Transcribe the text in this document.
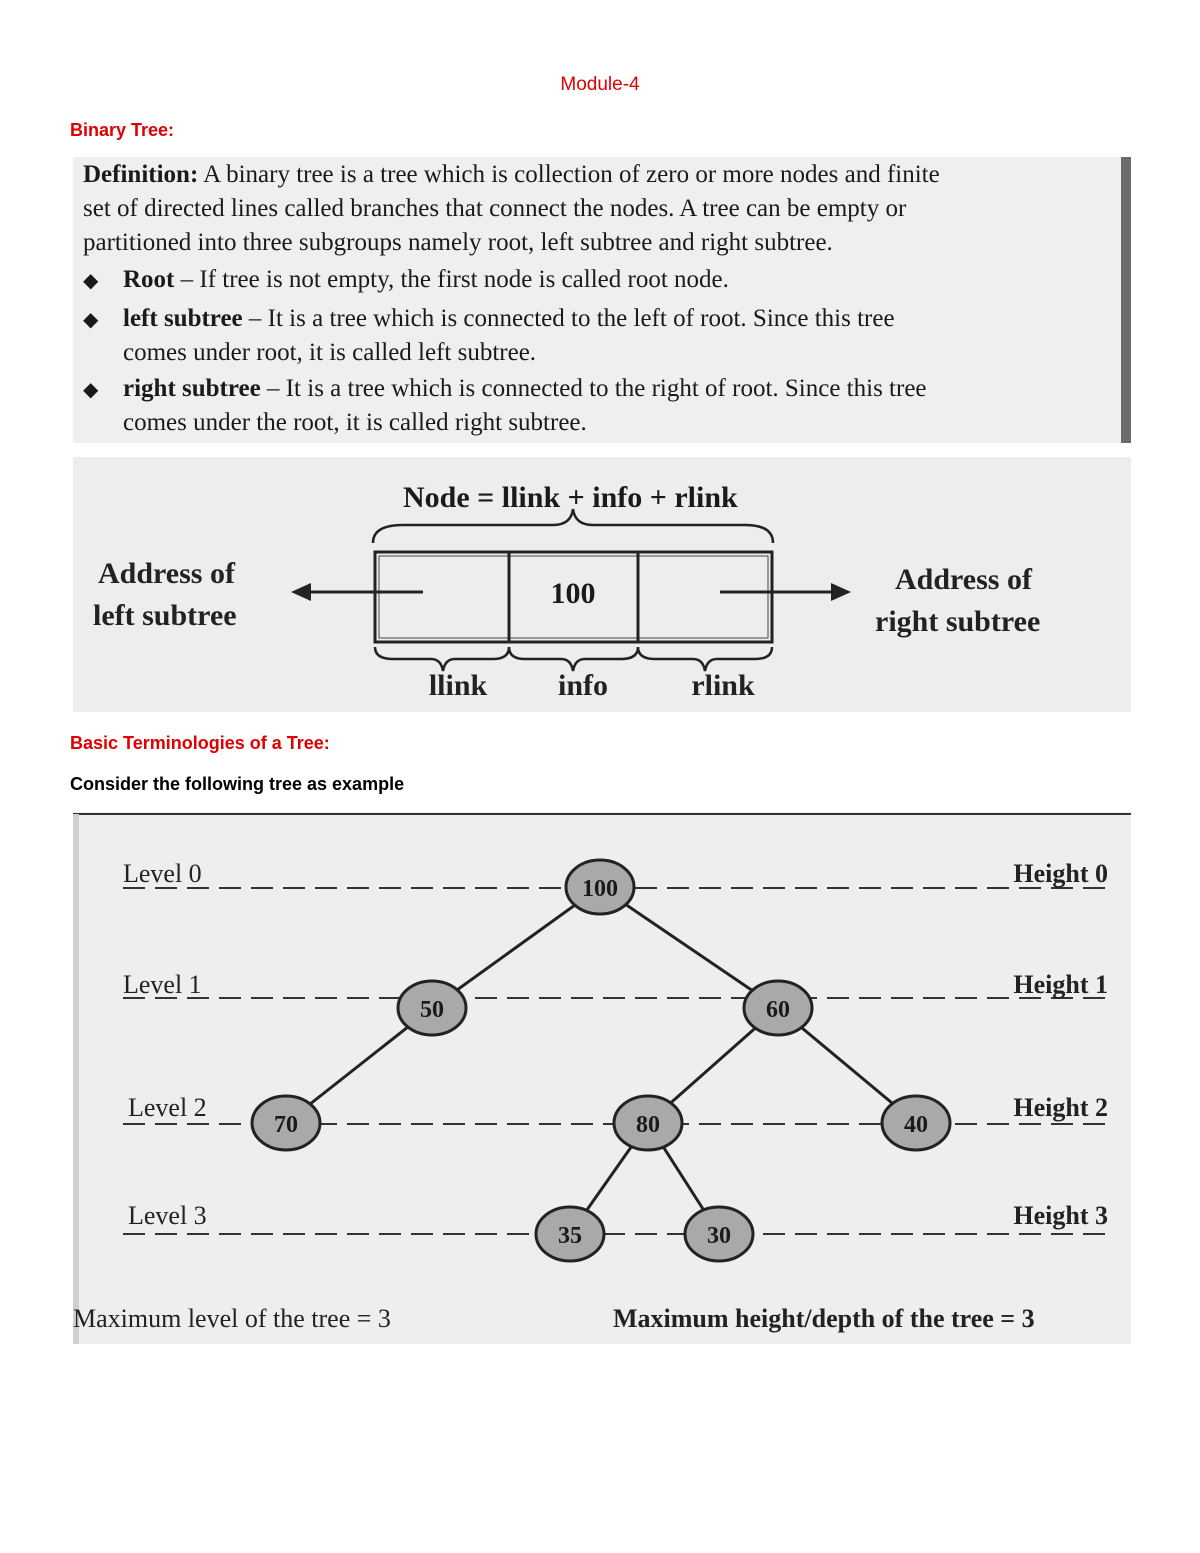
Module-4
Binary Tree:
Definition: A binary tree is a tree which is collection of zero or more nodes and finite
set of directed lines called branches that connect the nodes. A tree can be empty or
partitioned into three subgroups namely root, left subtree and right subtree.
◆ Root – If tree is not empty, the first node is called root node.
◆ left subtree – It is a tree which is connected to the left of root. Since this tree
comes under root, it is called left subtree.
◆ right subtree – It is a tree which is connected to the right of root. Since this tree
comes under the root, it is called right subtree.
Node = llink + info + rlink
100
Address of
left subtree
Address of
right subtree
llink info	rlink
Basic Terminologies of a Tree:
Consider the following tree as example
Level 0
Level 1
Level 2
Level 3
Height 0
Height 1
Height 2
Height 3
100
50	60
70	80	40
35	30
Maximum level of the tree = 3	Maximum height/depth of the tree = 3
